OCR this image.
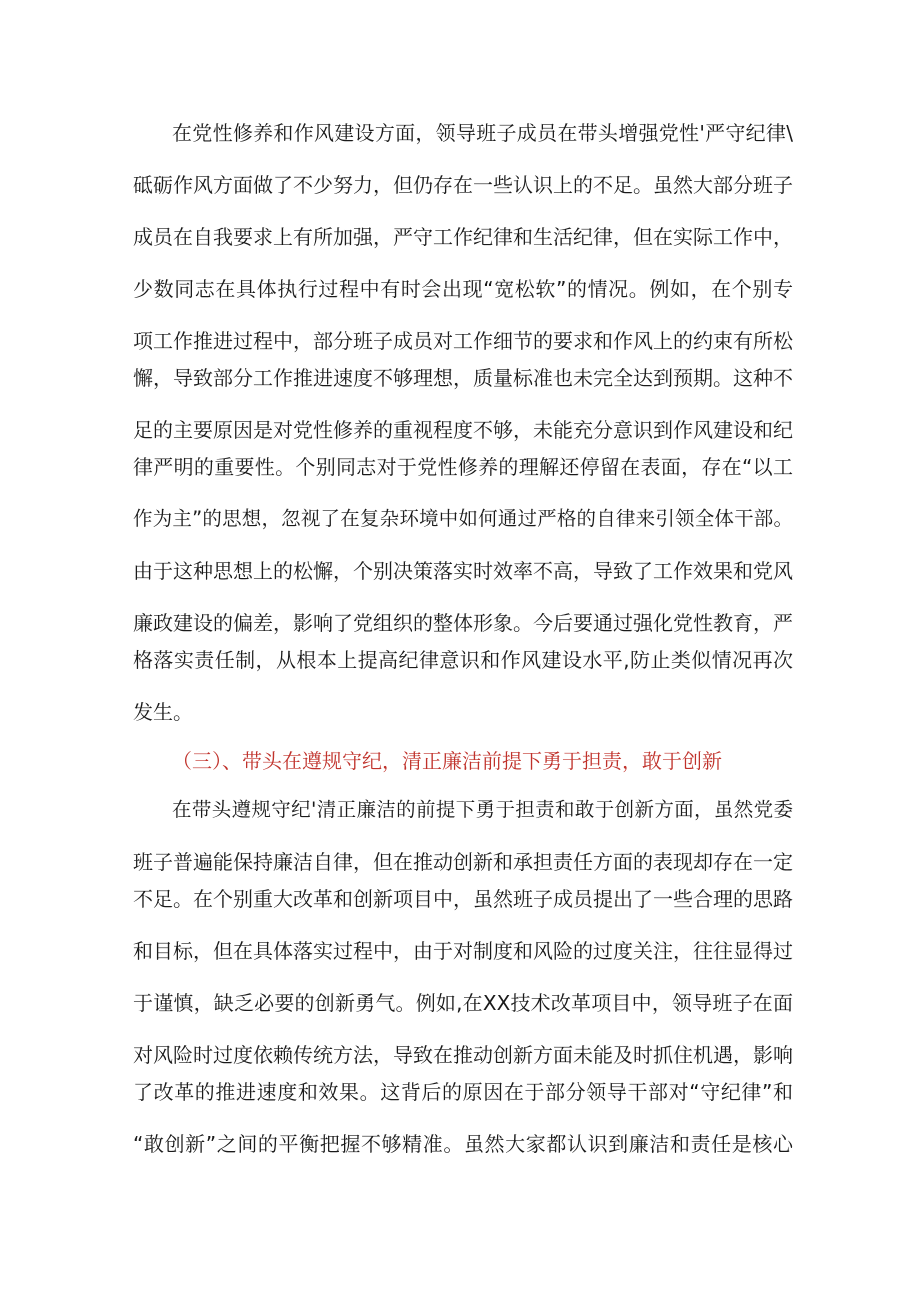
在党性修养和作风建设方面，领导班子成员在带头增强党性'严守纪律\
砥砺作风方面做了不少努力，但仍存在一些认识上的不足。虽然大部分班子
成员在自我要求上有所加强，严守工作纪律和生活纪律，但在实际工作中，
少数同志在具体执行过程中有时会出现“宽松软”的情况。例如，在个别专
项工作推进过程中，部分班子成员对工作细节的要求和作风上的约束有所松
懈，导致部分工作推进速度不够理想，质量标准也未完全达到预期。这种不
足的主要原因是对党性修养的重视程度不够，未能充分意识到作风建设和纪
律严明的重要性。个别同志对于党性修养的理解还停留在表面，存在“以工
作为主”的思想，忽视了在复杂环境中如何通过严格的自律来引领全体干部。
由于这种思想上的松懈，个别决策落实时效率不高，导致了工作效果和党风
廉政建设的偏差，影响了党组织的整体形象。今后要通过强化党性教育，严
格落实责任制，从根本上提高纪律意识和作风建设水平,防止类似情况再次
发生。
（三）、带头在遵规守纪，清正廉洁前提下勇于担责，敢于创新
在带头遵规守纪'清正廉洁的前提下勇于担责和敢于创新方面，虽然党委
班子普遍能保持廉洁自律，但在推动创新和承担责任方面的表现却存在一定
不足。在个别重大改革和创新项目中，虽然班子成员提出了一些合理的思路
和目标，但在具体落实过程中，由于对制度和风险的过度关注，往往显得过
于谨慎，缺乏必要的创新勇气。例如,在XX技术改革项目中，领导班子在面
对风险时过度依赖传统方法，导致在推动创新方面未能及时抓住机遇，影响
了改革的推进速度和效果。这背后的原因在于部分领导干部对“守纪律”和
“敢创新”之间的平衡把握不够精准。虽然大家都认识到廉洁和责任是核心
